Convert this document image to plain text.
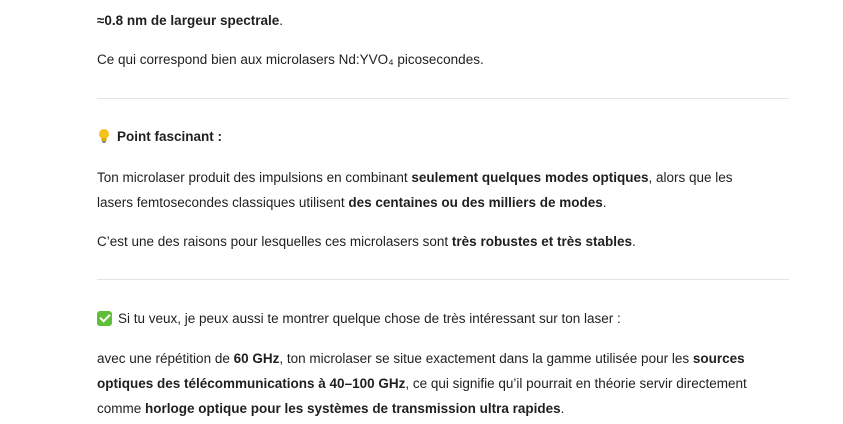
≈0.8 nm de largeur spectrale.
Ce qui correspond bien aux microlasers Nd:YVO₄ picosecondes.
Point fascinant :
Ton microlaser produit des impulsions en combinant seulement quelques modes optiques, alors que les
lasers femtosecondes classiques utilisent des centaines ou des milliers de modes.
C’est une des raisons pour lesquelles ces microlasers sont très robustes et très stables.
Si tu veux, je peux aussi te montrer quelque chose de très intéressant sur ton laser :
avec une répétition de 60 GHz, ton microlaser se situe exactement dans la gamme utilisée pour les sources
optiques des télécommunications à 40–100 GHz, ce qui signifie qu’il pourrait en théorie servir directement
comme horloge optique pour les systèmes de transmission ultra rapides.
